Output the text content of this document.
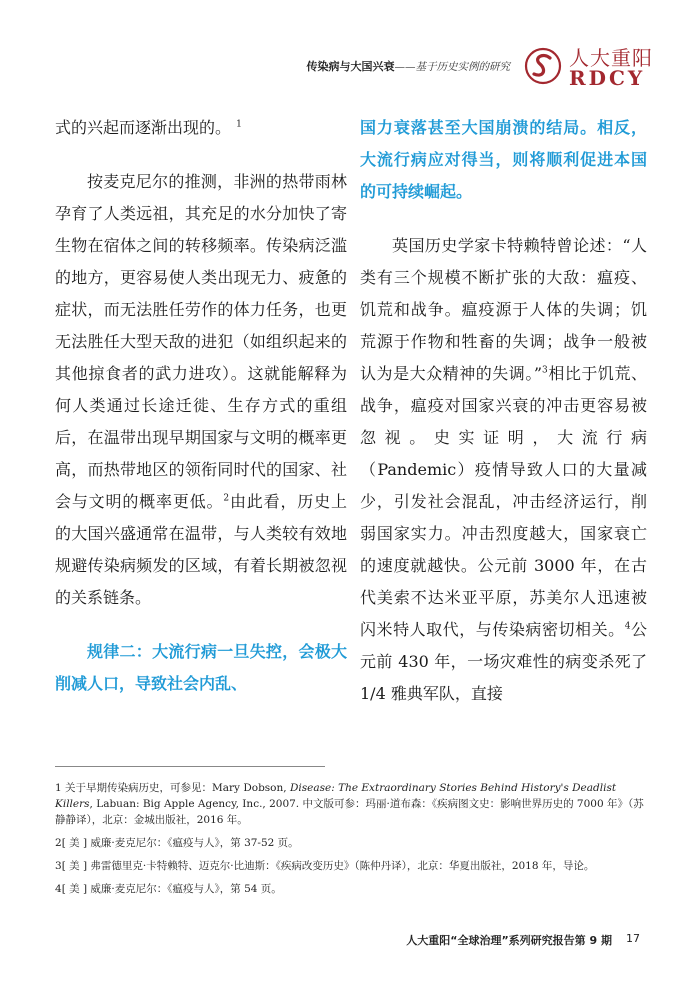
传染病与大国兴衰——基于历史实例的研究	人大重阳
RDCY

式的兴起而逐渐出现的。 $^1$

按麦克尼尔的推测，非洲的热带雨林孕育了人类远祖，其充足的水分加快了寄生物在宿体之间的转移频率。传染病泛滥的地方，更容易使人类出现无力、疲惫的症状，而无法胜任劳作的体力任务，也更无法胜任大型天敌的进犯（如组织起来的其他掠食者的武力进攻）。这就能解释为何人类通过长途迁徙、生存方式的重组后，在温带出现早期国家与文明的概率更高，而热带地区的领衔同时代的国家、社会与文明的概率更低。$^2$由此看，历史上的大国兴盛通常在温带，与人类较有效地规避传染病频发的区域，有着长期被忽视的关系链条。

规律二：大流行病一旦失控，会极大削减人口，导致社会内乱、

国力衰落甚至大国崩溃的结局。相反，大流行病应对得当，则将顺利促进本国的可持续崛起。

英国历史学家卡特赖特曾论述：“人类有三个规模不断扩张的大敌：瘟疫、饥荒和战争。瘟疫源于人体的失调；饥荒源于作物和牲畜的失调；战争一般被认为是大众精神的失调。”$^3$相比于饥荒、战争，瘟疫对国家兴衰的冲击更容易被忽视。史实证明，大流行病（Pandemic）疫情导致人口的大量减少，引发社会混乱，冲击经济运行，削弱国家实力。冲击烈度越大，国家衰亡的速度就越快。公元前 3000 年，在古代美索不达米亚平原，苏美尔人迅速被闪米特人取代，与传染病密切相关。$^4$公元前 430 年，一场灾难性的病变杀死了 1/4 雅典军队，直接

1 关于早期传染病历史，可参见：Mary Dobson, Disease: The Extraordinary Stories Behind History's Deadlist Killers, Labuan: Big Apple Agency, Inc., 2007. 中文版可参：玛丽·道布森：《疾病图文史：影响世界历史的 7000 年》（苏静静译），北京：金城出版社，2016 年。
2[ 美 ] 威廉·麦克尼尔：《瘟疫与人》，第 37-52 页。
3[ 美 ] 弗雷德里克·卡特赖特、迈克尔·比迪斯：《疾病改变历史》（陈仲丹译），北京：华夏出版社，2018 年，导论。
4[ 美 ] 威廉·麦克尼尔：《瘟疫与人》，第 54 页。
人大重阳“全球治理”系列研究报告第 9 期 17
